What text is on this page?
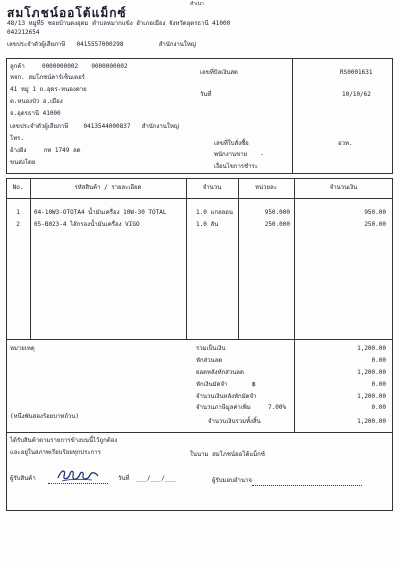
สำเนา
สมโภชน์ออโต้แม็กซ์
48/13 หมู่ที่5 ซอยบ้านดงอุดม ตำบลหมากแข้ง อำเภอเมือง จังหวัดอุดรธานี 41000
042212654
เลขประจำตัวผู้เสียภาษี 0415557000298	สำนักงานใหญ่
ลูกค้า	0000000002 0000000002
หจก. สมโภชน์คาร์เซ็นเตอร์
41 หมู่ 1 ถ.อุดร-หนองคาย
ต.หนองบัว อ.เมือง
จ.อุดรธานี 41000
เลขประจำตัวผู้เสียภาษี	0413544000837 สำนักงานใหญ่
โทร.
อ้างอิง	กท 1749 ลด
ขนส่งโดย
เลขที่บิลเงินสด	RS0001631
วันที่	10/10/62
เลขที่ใบสั่งซื้อ	อวท.
พนักงานขาย -
เงื่อนไขการชำระ
No.	รหัสสินค้า / รายละเอียด	จำนวน	หน่วยละ	จำนวนเงิน
1	04-10W3-OTOTA4 น้ำมันเครื่อง 10W-30 TOTAL	1.0 แกลลอน	950.000	950.00
2	05-B023-4 ไส้กรองน้ำมันเครื่อง VIGO	1.0 ลัน	250.000	250.00
หมายเหตุ
(หนึ่งพันสองร้อยบาทถ้วน)
รวมเป็นเงิน	1,200.00
หักส่วนลด	0.00
ยอดหลังหักส่วนลด	1,200.00
หักเงินมัดจำ	฿	0.00
จำนวนเงินหลังหักมัดจำ	1,200.00
จำนวนภาษีมูลค่าเพิ่ม	7.00%	0.00
จำนวนเงินรวมทั้งสิ้น	1,200.00
ได้รับสินค้าตามรายการข้างบนนี้ไว้ถูกต้อง
และอยู่ในสภาพเรียบร้อยทุกประการ	ในนาม สมโภชน์ออโต้แม็กซ์
ผู้รับสินค้า	วันที่ ___/___/___	ผู้รับมอบอำนาจ
